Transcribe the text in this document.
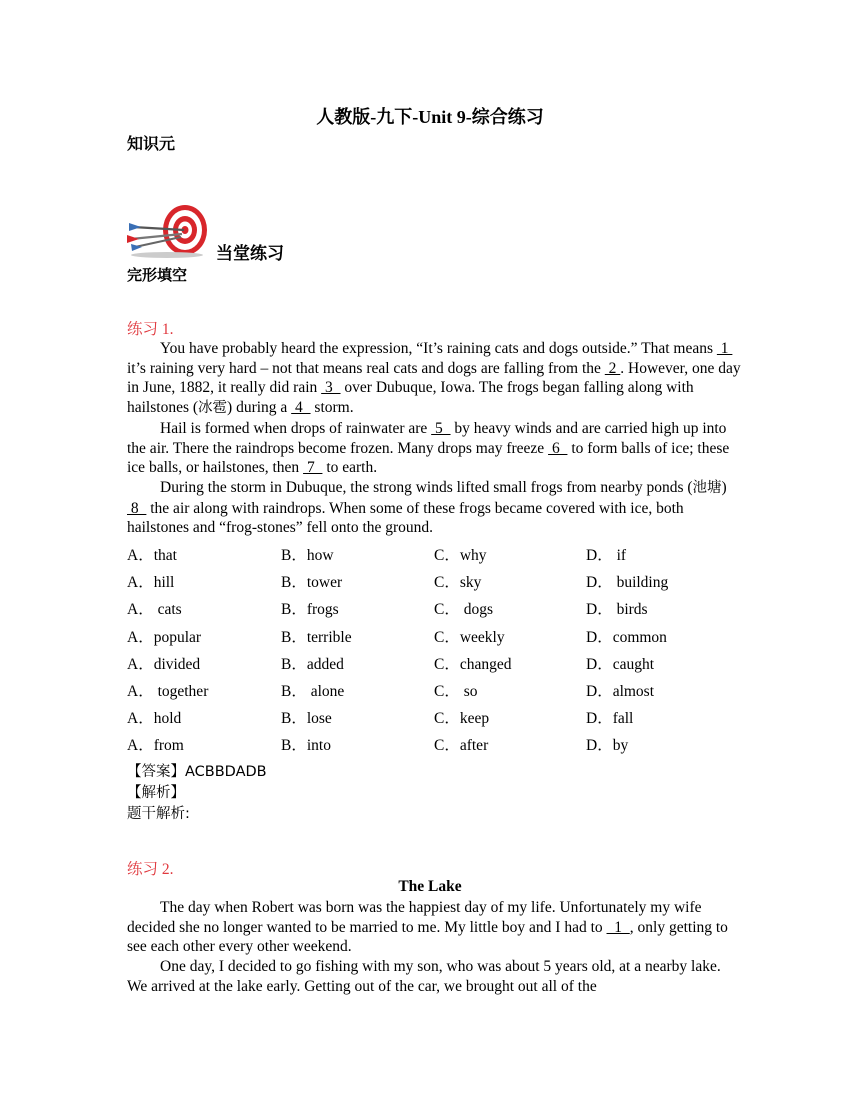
人教版-九下-Unit 9-综合练习
知识元
当堂练习
完形填空
练习 1.

You have probably heard the expression, “It’s raining cats and dogs outside.” That means  1  it’s raining very hard – not that means real cats and dogs are falling from the  2 . However, one day in June, 1882, it really did rain  3   over Dubuque, Iowa. The frogs began falling along with hailstones (冰雹) during a  4   storm.

Hail is formed when drops of rainwater are  5   by heavy winds and are carried high up into the air. There the raindrops become frozen. Many drops may freeze  6   to form balls of ice; these ice balls, or hailstones, then  7   to earth.

During the storm in Dubuque, the strong winds lifted small frogs from nearby ponds (池塘)  8   the air along with raindrops. When some of these frogs became covered with ice, both hailstones and “frog-stones” fell onto the ground.

A．that	B．how	C．why	D． if
A．hill	B．tower	C．sky	D． building
A． cats	B．frogs	C． dogs	D． birds
A．popular	B．terrible	C．weekly	D．common
A．divided	B．added	C．changed	D．caught
A． together	B． alone	C． so	D．almost
A．hold	B．lose	C．keep	D．fall
A．from	B．into	C．after	D．by
【答案】ACBBDADB
【解析】
题干解析:
练习 2.
The Lake

The day when Robert was born was the happiest day of my life. Unfortunately my wife decided she no longer wanted to be married to me. My little boy and I had to   1  , only getting to see each other every other weekend.

One day, I decided to go fishing with my son, who was about 5 years old, at a nearby lake. We arrived at the lake early. Getting out of the car, we brought out all of the
